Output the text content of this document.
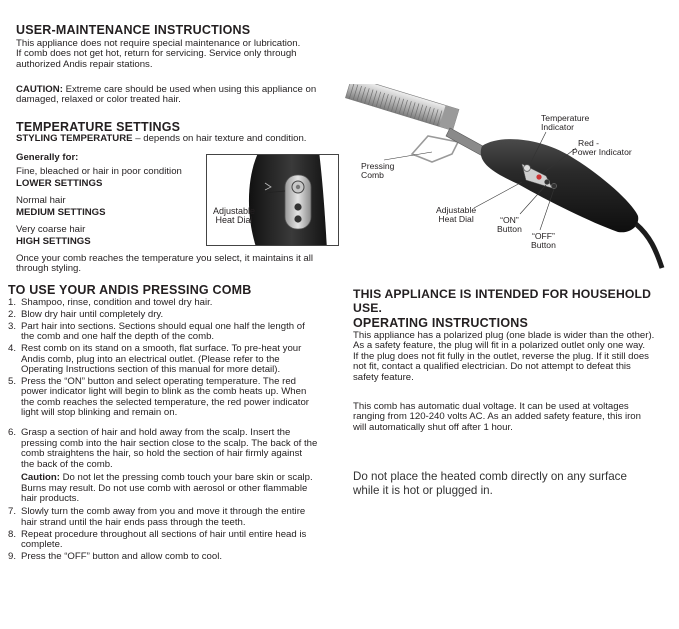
USER-MAINTENANCE INSTRUCTIONS
This appliance does not require special maintenance or lubrication.
If comb does not get hot, return for servicing. Service only through
authorized Andis repair stations.
CAUTION: Extreme care should be used when using this appliance on
damaged, relaxed or color treated hair.
TEMPERATURE SETTINGS
STYLING TEMPERATURE – depends on hair texture and condition.
Generally for:
Fine, bleached or hair in poor condition
LOWER SETTINGS
Normal hair
MEDIUM SETTINGS
Very coarse hair
HIGH SETTINGS
Once your comb reaches the temperature you select, it maintains it all
through styling.
Adjustable
Heat Dial
TO USE YOUR ANDIS PRESSING COMB
1. Shampoo, rinse, condition and towel dry hair.
2. Blow dry hair until completely dry.
3. Part hair into sections. Sections should equal one half the length of
the comb and one half the depth of the comb.
4. Rest comb on its stand on a smooth, flat surface. To pre-heat your
Andis comb, plug into an electrical outlet. (Please refer to the
Operating Instructions section of this manual for more detail).
5. Press the “ON” button and select operating temperature. The red
power indicator light will begin to blink as the comb heats up. When
the comb reaches the selected temperature, the red power indicator
light will stop blinking and remain on.
6. Grasp a section of hair and hold away from the scalp. Insert the
pressing comb into the hair section close to the scalp. The back of the
comb straightens the hair, so hold the section of hair firmly against
the back of the comb.
Caution: Do not let the pressing comb touch your bare skin or scalp.
Burns may result. Do not use comb with aerosol or other flammable
hair products.
7. Slowly turn the comb away from you and move it through the entire
hair strand until the hair ends pass through the teeth.
8. Repeat procedure throughout all sections of hair until entire head is
complete.
9. Press the “OFF” button and allow comb to cool.
Temperature
Indicator
Red -
Power Indicator
Pressing
Comb
Adjustable
Heat Dial	“ON”
Button
“OFF”
Button
THIS APPLIANCE IS INTENDED FOR HOUSEHOLD USE.
OPERATING INSTRUCTIONS
This appliance has a polarized plug (one blade is wider than the other).
As a safety feature, the plug will fit in a polarized outlet only one way.
If the plug does not fit fully in the outlet, reverse the plug. If it still does
not fit, contact a qualified electrician. Do not attempt to defeat this
safety feature.
This comb has automatic dual voltage. It can be used at voltages
ranging from 120-240 volts AC. As an added safety feature, this iron
will automatically shut off after 1 hour.
Do not place the heated comb directly on any surface
while it is hot or plugged in.
